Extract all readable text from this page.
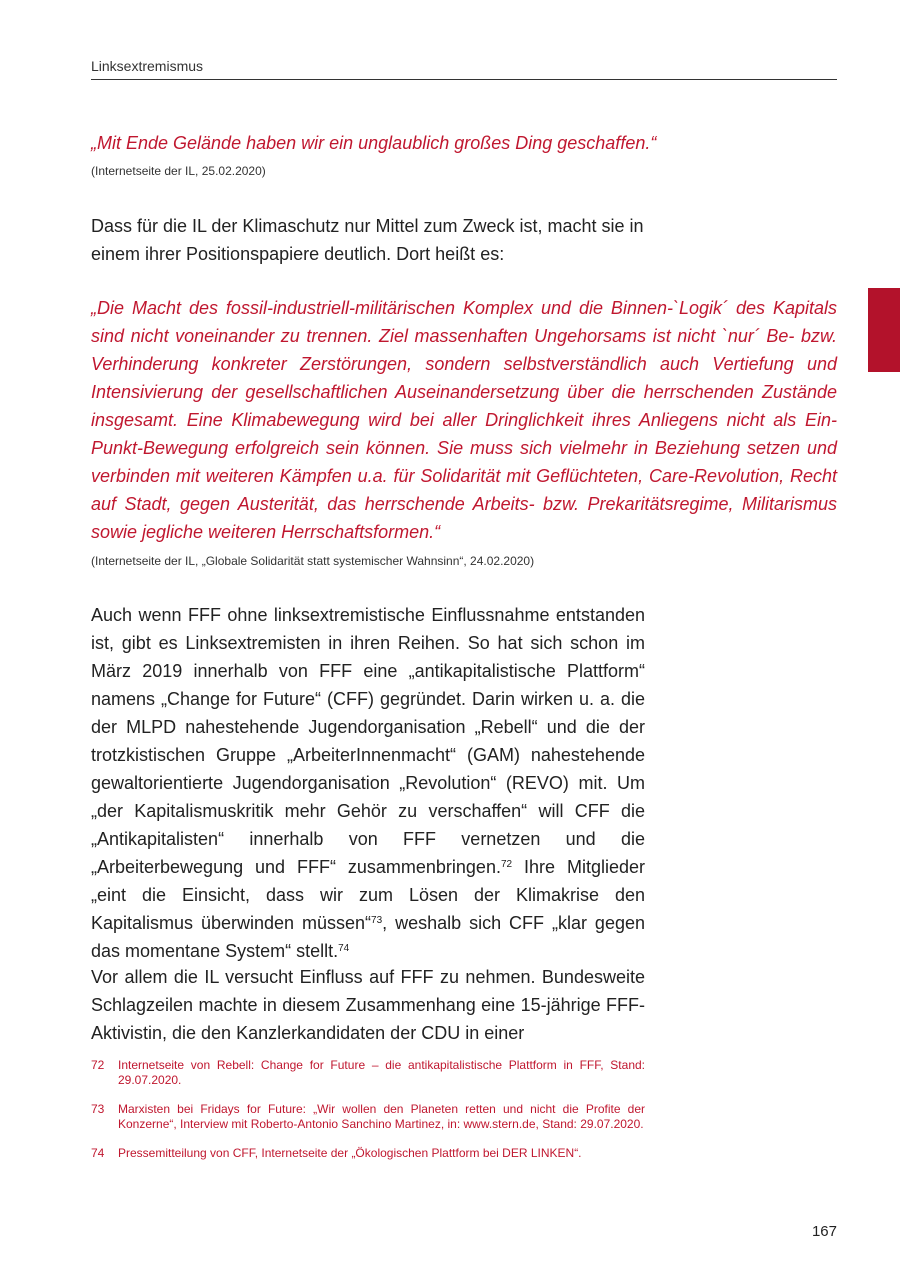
Linksextremismus

„Mit Ende Gelände haben wir ein unglaublich großes Ding geschaffen.“

(Internetseite der IL, 25.02.2020)

Dass für die IL der Klimaschutz nur Mittel zum Zweck ist, macht sie in einem ihrer Positionspapiere deutlich. Dort heißt es:

„Die Macht des fossil-industriell-militärischen Komplex und die Binnen-`Logik´ des Kapitals sind nicht voneinander zu trennen. Ziel massenhaften Ungehorsams ist nicht `nur´ Be- bzw. Verhinderung konkreter Zerstörungen, sondern selbstverständlich auch Vertiefung und Intensivierung der gesellschaftlichen Auseinandersetzung über die herrschenden Zustände insgesamt. Eine Klimabewegung wird bei aller Dringlichkeit ihres Anliegens nicht als Ein-Punkt-Bewegung erfolgreich sein können. Sie muss sich vielmehr in Beziehung setzen und verbinden mit weiteren Kämpfen u.a. für Solidarität mit Geflüchteten, Care-Revolution, Recht auf Stadt, gegen Austerität, das herrschende Arbeits- bzw. Prekaritätsregime, Militarismus sowie jegliche weiteren Herrschaftsformen.“

(Internetseite der IL, „Globale Solidarität statt systemischer Wahnsinn“, 24.02.2020)

Auch wenn FFF ohne linksextremistische Einflussnahme entstanden ist, gibt es Linksextremisten in ihren Reihen. So hat sich schon im März 2019 innerhalb von FFF eine „antikapitalistische Plattform“ namens „Change for Future“ (CFF) gegründet. Darin wirken u. a. die der MLPD nahestehende Jugendorganisation „Rebell“ und die der trotzkistischen Gruppe „ArbeiterInnenmacht“ (GAM) nahestehende gewaltorientierte Jugendorganisation „Revolution“ (REVO) mit. Um „der Kapitalismuskritik mehr Gehör zu verschaffen“ will CFF die „Antikapitalisten“ innerhalb von FFF vernetzen und die „Arbeiterbewegung und FFF“ zusammenbringen.$^{72}$ Ihre Mitglieder „eint die Einsicht, dass wir zum Lösen der Klimakrise den Kapitalismus überwinden müssen“$^{73}$, weshalb sich CFF „klar gegen das momentane System“ stellt.$^{74}$

Vor allem die IL versucht Einfluss auf FFF zu nehmen. Bundesweite Schlagzeilen machte in diesem Zusammenhang eine 15-jährige FFF-Aktivistin, die den Kanzlerkandidaten der CDU in einer

72	Internetseite von Rebell: Change for Future – die antikapitalistische Plattform in FFF, Stand: 29.07.2020.
73	Marxisten bei Fridays for Future: „Wir wollen den Planeten retten und nicht die Profite der Konzerne“, Interview mit Roberto-Antonio Sanchino Martinez, in: www.stern.de, Stand: 29.07.2020.
74	Pressemitteilung von CFF, Internetseite der „Ökologischen Plattform bei DER LINKEN“.
167
